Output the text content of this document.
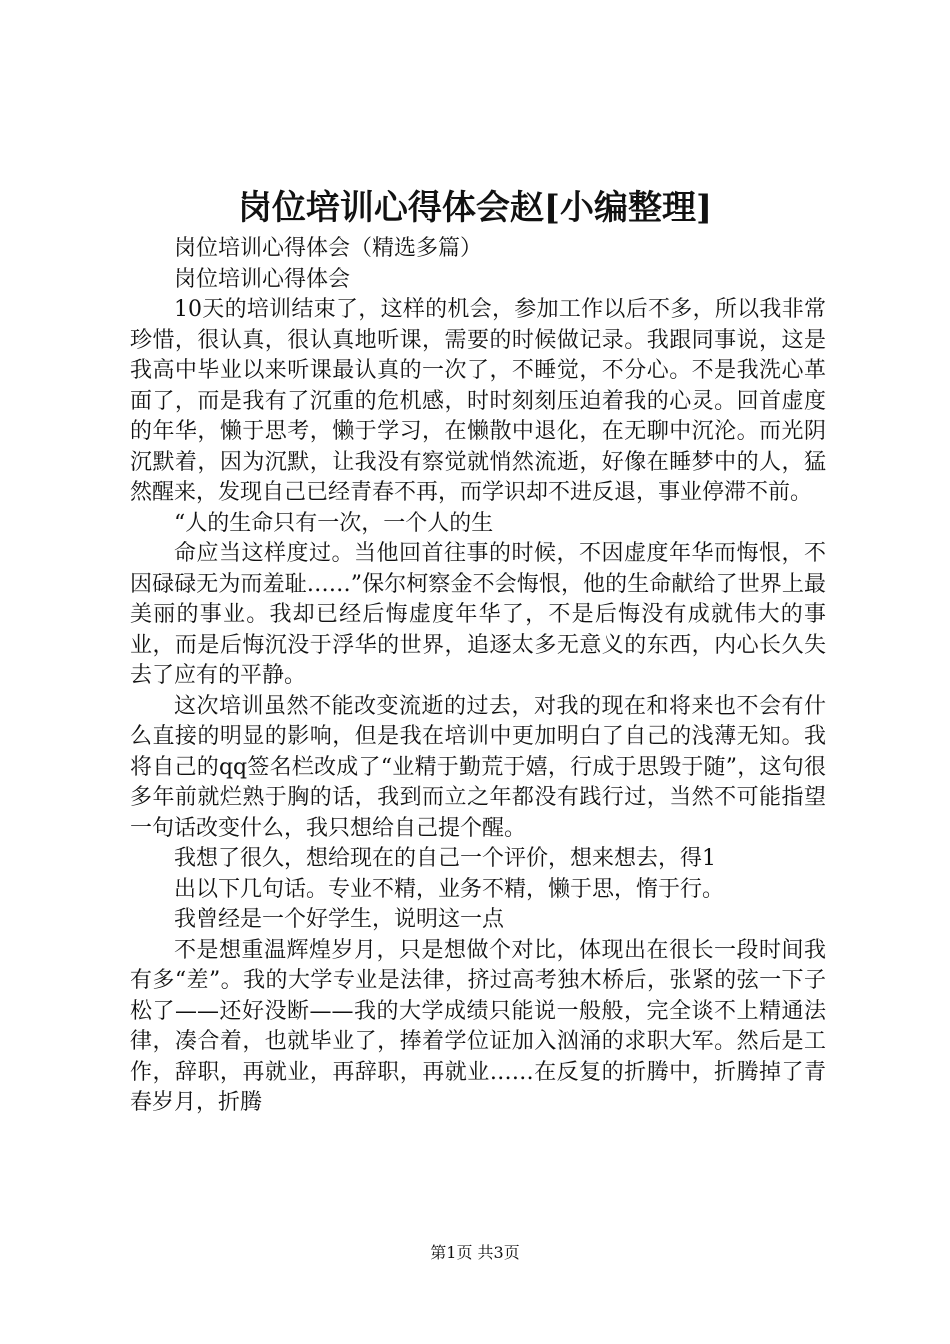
岗位培训心得体会赵[小编整理]

岗位培训心得体会（精选多篇）

岗位培训心得体会

10天的培训结束了，这样的机会，参加工作以后不多，所以我非常珍惜，很认真，很认真地听课，需要的时候做记录。我跟同事说，这是我高中毕业以来听课最认真的一次了，不睡觉，不分心。不是我洗心革面了，而是我有了沉重的危机感，时时刻刻压迫着我的心灵。回首虚度的年华，懒于思考，懒于学习，在懒散中退化，在无聊中沉沦。而光阴沉默着，因为沉默，让我没有察觉就悄然流逝，好像在睡梦中的人，猛然醒来，发现自己已经青春不再，而学识却不进反退，事业停滞不前。

“人的生命只有一次，一个人的生

命应当这样度过。当他回首往事的时候，不因虚度年华而悔恨，不因碌碌无为而羞耻……”保尔柯察金不会悔恨，他的生命献给了世界上最美丽的事业。我却已经后悔虚度年华了，不是后悔没有成就伟大的事业，而是后悔沉没于浮华的世界，追逐太多无意义的东西，内心长久失去了应有的平静。

这次培训虽然不能改变流逝的过去，对我的现在和将来也不会有什么直接的明显的影响，但是我在培训中更加明白了自己的浅薄无知。我将自己的qq签名栏改成了“业精于勤荒于嬉，行成于思毁于随”，这句很多年前就烂熟于胸的话，我到而立之年都没有践行过，当然不可能指望一句话改变什么，我只想给自己提个醒。

我想了很久，想给现在的自己一个评价，想来想去，得1

出以下几句话。专业不精，业务不精，懒于思，惰于行。

我曾经是一个好学生，说明这一点

不是想重温辉煌岁月，只是想做个对比，体现出在很长一段时间我有多“差”。我的大学专业是法律，挤过高考独木桥后，张紧的弦一下子松了——还好没断——我的大学成绩只能说一般般，完全谈不上精通法律，凑合着，也就毕业了，捧着学位证加入汹涌的求职大军。然后是工作，辞职，再就业，再辞职，再就业……在反复的折腾中，折腾掉了青春岁月，折腾

第1页 共3页
